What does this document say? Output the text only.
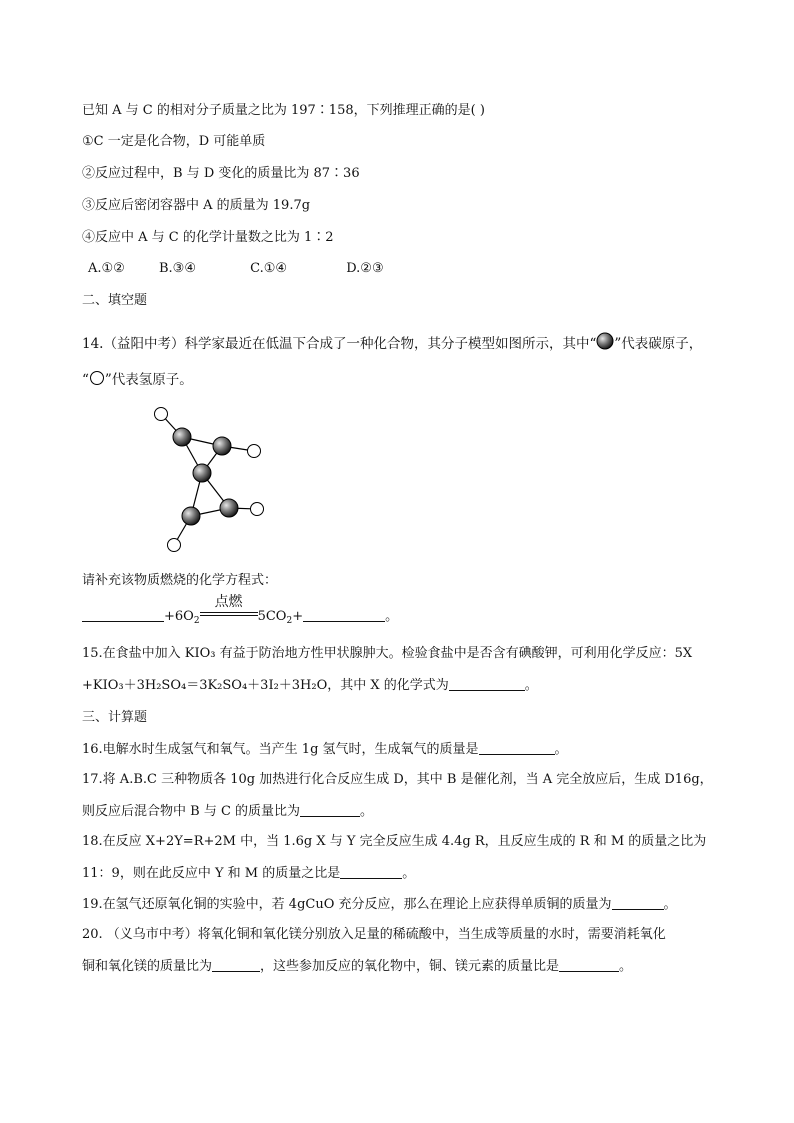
已知 A 与 C 的相对分子质量之比为 197∶158，下列推理正确的是( )
①C 一定是化合物，D 可能单质
②反应过程中，B 与 D 变化的质量比为 87∶36
③反应后密闭容器中 A 的质量为 19.7g
④反应中 A 与 C 的化学计量数之比为 1∶2
A.①②	B.③④	C.①④	D.②③
二、填空题
14.（益阳中考）科学家最近在低温下合成了一种化合物，其分子模型如图所示，其中“ ”代表碳原子，
“ ”代表氢原子。
请补充该物质燃烧的化学方程式：
$+6O_2$
点燃
$5CO_2+$	。
15.在食盐中加入 KIO₃ 有益于防治地方性甲状腺肿大。检验食盐中是否含有碘酸钾，可利用化学反应：5X
+KIO₃＋3H₂SO₄＝3K₂SO₄＋3I₂＋3H₂O，其中 X 的化学式为	。
三、计算题
16.电解水时生成氢气和氧气。当产生 1g 氢气时，生成氧气的质量是	。
17.将 A.B.C 三种物质各 10g 加热进行化合反应生成 D，其中 B 是催化剂，当 A 完全放应后，生成 D16g，
则反应后混合物中 B 与 C 的质量比为	。
18.在反应 X+2Y=R+2M 中，当 1.6g X 与 Y 完全反应生成 4.4g R，且反应生成的 R 和 M 的质量之比为
11：9，则在此反应中 Y 和 M 的质量之比是	。
19.在氢气还原氧化铜的实验中，若 4gCuO 充分反应，那么在理论上应获得单质铜的质量为	。
20. （义乌市中考）将氧化铜和氧化镁分别放入足量的稀硫酸中，当生成等质量的水时，需要消耗氧化
铜和氧化镁的质量比为	，这些参加反应的氧化物中，铜、镁元素的质量比是	。
